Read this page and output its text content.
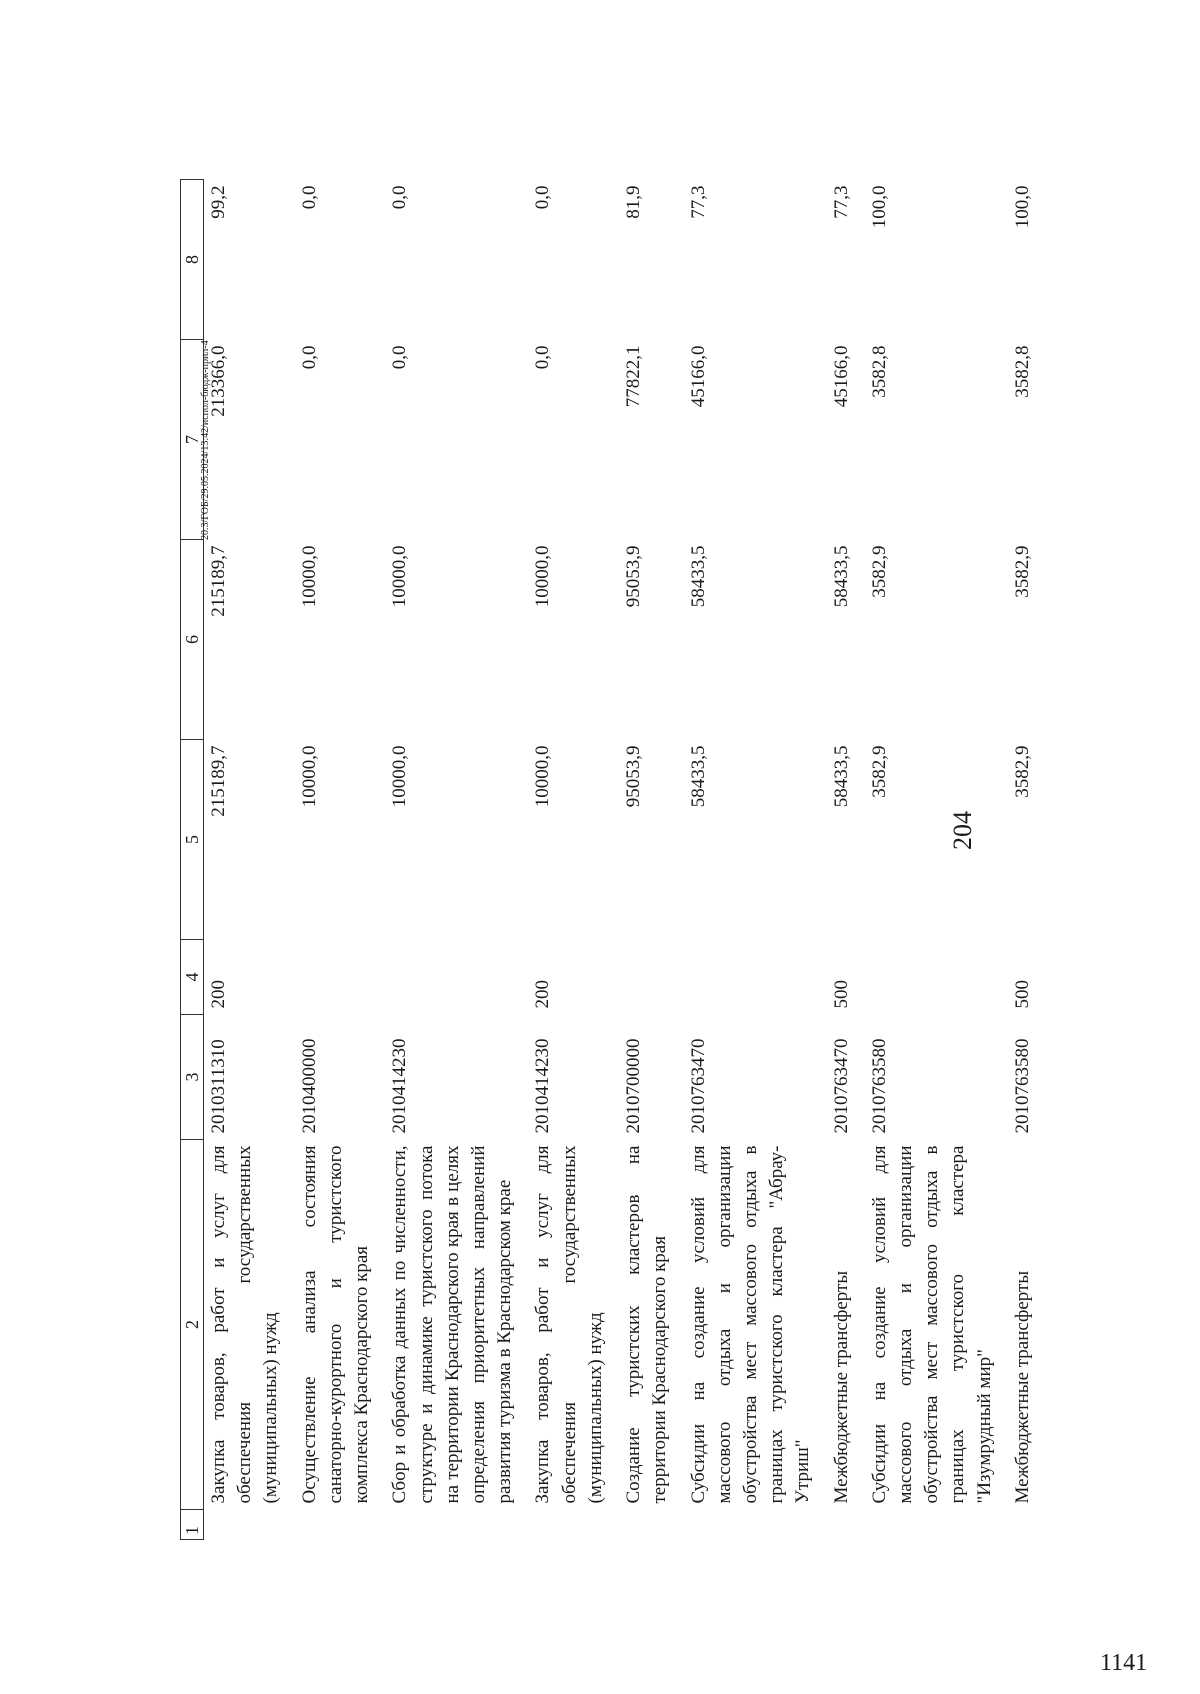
204
1	2	3	4	5	6	7	8
	Закупка товаров, работ и услуг для обеспечения государственных (муниципальных) нужд	2010311310	200	215189,7	215189,7	213366,0	99,2
	Осуществление анализа состояния санаторно-курортного и туристского комплекса Краснодарского края	2010400000		10000,0	10000,0	0,0	0,0
	Сбор и обработка данных по численности, структуре и динамике туристского потока на территории Краснодарского края в целях определения приоритетных направлений развития туризма в Краснодарском крае	2010414230		10000,0	10000,0	0,0	0,0
	Закупка товаров, работ и услуг для обеспечения государственных (муниципальных) нужд	2010414230	200	10000,0	10000,0	0,0	0,0
	Создание туристских кластеров на территории Краснодарского края	2010700000		95053,9	95053,9	77822,1	81,9
	Субсидии на создание условий для массового отдыха и организации обустройства мест массового отдыха в границах туристского кластера "Абрау-Утриш"	2010763470		58433,5	58433,5	45166,0	77,3
	Межбюджетные трансферты	2010763470	500	58433,5	58433,5	45166,0	77,3
	Субсидии на создание условий для массового отдыха и организации обустройства мест массового отдыха в границах туристского кластера "Изумрудный мир"	2010763580		3582,9	3582,9	3582,8	100,0
	Межбюджетные трансферты	2010763580	500	3582,9	3582,9	3582,8	100,0
20.3/ГОБ/29.05.2024/13:42/испол-бюдж-прил-4
1141
